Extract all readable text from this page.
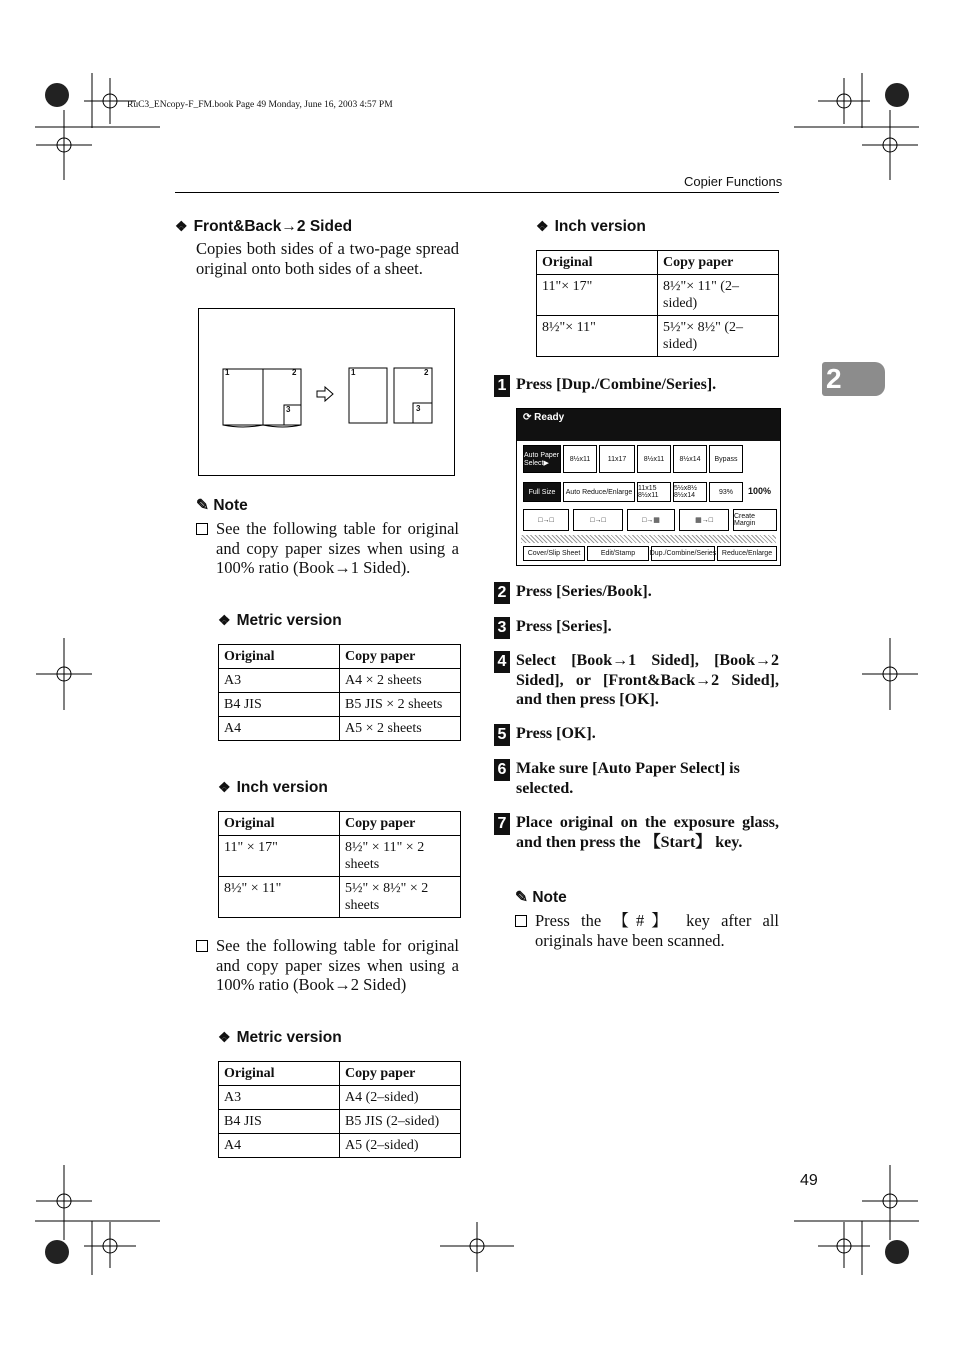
RuC3_ENcopy-F_FM.book Page 49 Monday, June 16, 2003 4:57 PM
Copier Functions
2
49
❖ Front&Back→2 Sided
Copies both sides of a two-page spread original onto both sides of a sheet.
1	2
3
1	2
3
✎ Note
See the following table for original and copy paper sizes when using a 100% ratio (Book→1 Sided).
❖ Metric version
Original	Copy paper
A3	A4 × 2 sheets
B4 JIS	B5 JIS × 2 sheets
A4	A5 × 2 sheets
❖ Inch version
Original	Copy paper
11" × 17"	8½" × 11" × 2 sheets
8½" × 11"	5½" × 8½" × 2 sheets
See the following table for original and copy paper sizes when using a 100% ratio (Book→2 Sided)
❖ Metric version
Original	Copy paper
A3	A4 (2–sided)
B4 JIS	B5 JIS (2–sided)
A4	A5 (2–sided)
❖ Inch version
Original	Copy paper
11"× 17"	8½"× 11" (2–sided)
8½"× 11"	5½"× 8½" (2–sided)
1 Press [Dup./Combine/Series].
⟳ Ready
Auto Paper Select▶
8½x11	11x17	8½x11	8½x14	Bypass
Full Size	Auto Reduce/Enlarge 11x15 8½x11
5½x8½ 8½x14	93%	100%
□→□	□→□	□→▦	▦→□
Create Margin
Cover/Slip Sheet	Edit/Stamp	Dup./Combine/Series Reduce/Enlarge
2 Press [Series/Book].
3 Press [Series].
4 Select [Book→1 Sided], [Book→2 Sided], or [Front&Back→2 Sided], and then press [OK].
5 Press [OK].
6 Make sure [Auto Paper Select] is selected.
7 Place original on the exposure glass, and then press the 【Start】 key.
✎ Note
Press the 【#】 key after all originals have been scanned.
